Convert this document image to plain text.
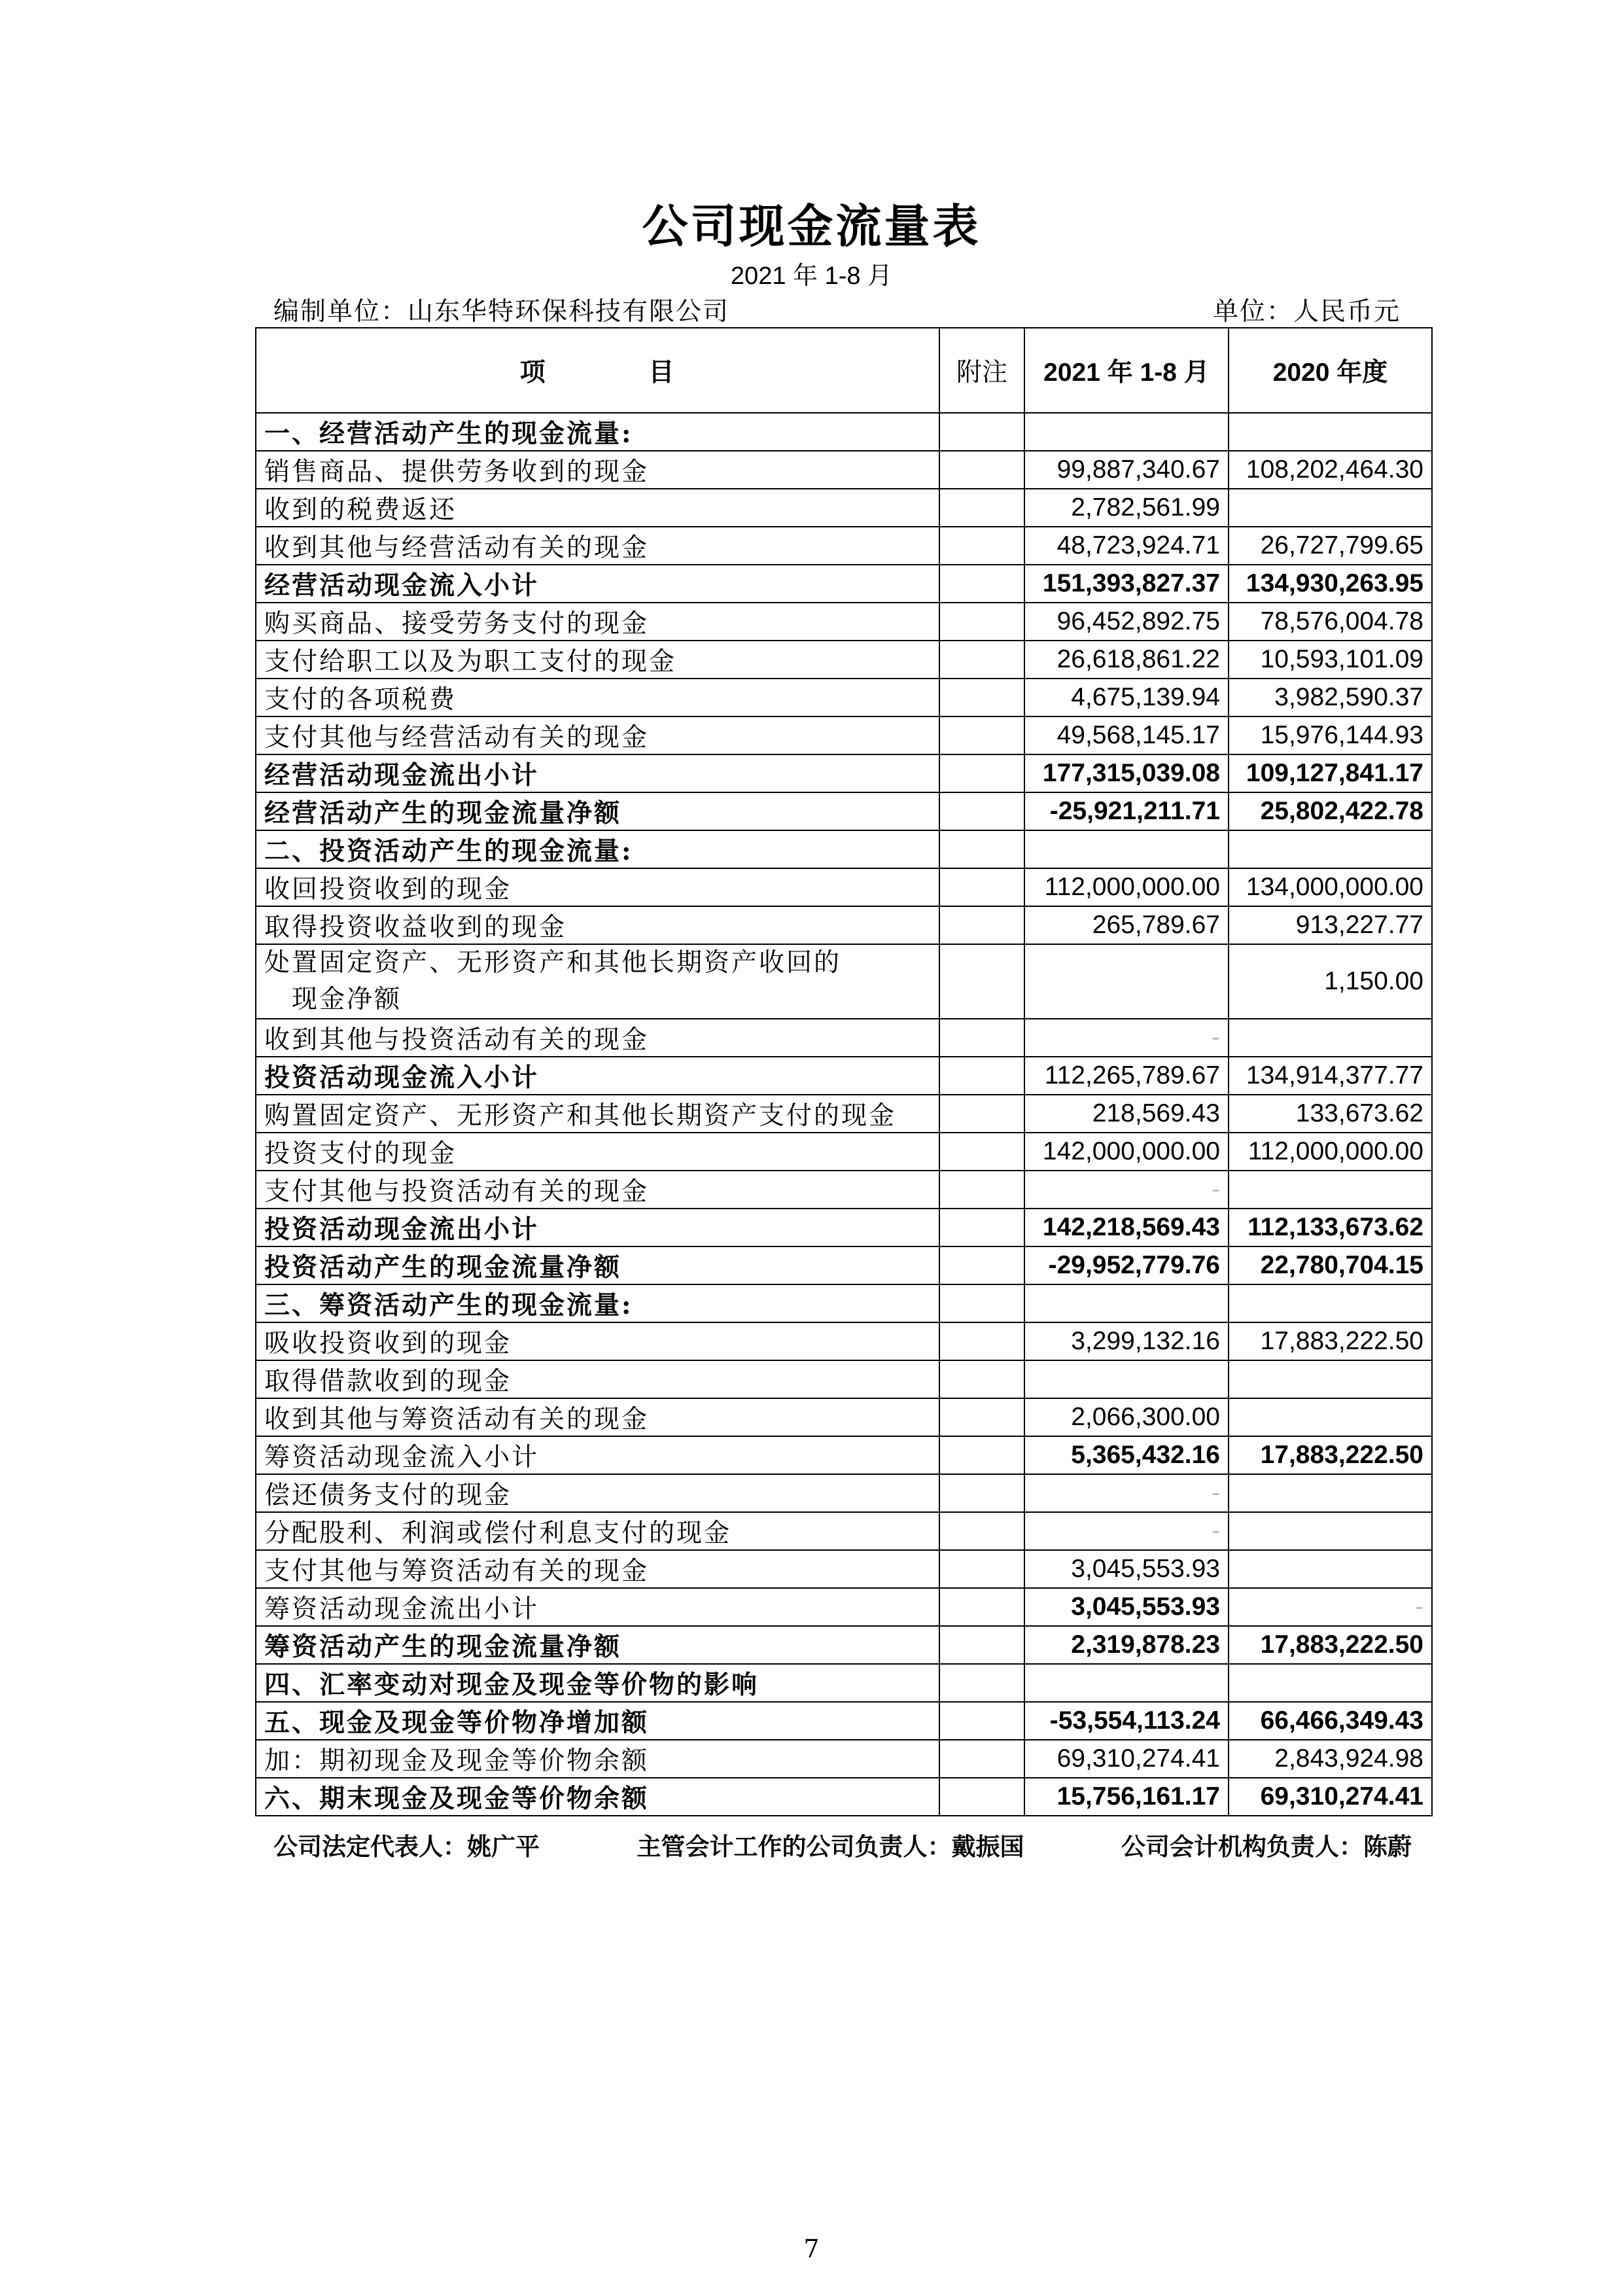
公司现金流量表
2021 年 1-8 月
编制单位：山东华特环保科技有限公司	单位：人民币元
项          目	附注	2021 年 1-8 月	2020 年度
一、经营活动产生的现金流量:			
销售商品、提供劳务收到的现金		99,887,340.67	108,202,464.30
收到的税费返还		2,782,561.99	
收到其他与经营活动有关的现金		48,723,924.71	26,727,799.65
经营活动现金流入小计		151,393,827.37	134,930,263.95
购买商品、接受劳务支付的现金		96,452,892.75	78,576,004.78
支付给职工以及为职工支付的现金		26,618,861.22	10,593,101.09
支付的各项税费		4,675,139.94	3,982,590.37
支付其他与经营活动有关的现金		49,568,145.17	15,976,144.93
经营活动现金流出小计		177,315,039.08	109,127,841.17
经营活动产生的现金流量净额		-25,921,211.71	25,802,422.78
二、投资活动产生的现金流量:			
收回投资收到的现金		112,000,000.00	134,000,000.00
取得投资收益收到的现金		265,789.67	913,227.77
处置固定资产、无形资产和其他长期资产收回的
现金净额			1,150.00
收到其他与投资活动有关的现金		-	
投资活动现金流入小计		112,265,789.67	134,914,377.77
购置固定资产、无形资产和其他长期资产支付的现金		218,569.43	133,673.62
投资支付的现金		142,000,000.00	112,000,000.00
支付其他与投资活动有关的现金		-	
投资活动现金流出小计		142,218,569.43	112,133,673.62
投资活动产生的现金流量净额		-29,952,779.76	22,780,704.15
三、筹资活动产生的现金流量:			
吸收投资收到的现金		3,299,132.16	17,883,222.50
取得借款收到的现金			
收到其他与筹资活动有关的现金		2,066,300.00	
筹资活动现金流入小计		5,365,432.16	17,883,222.50
偿还债务支付的现金		-	
分配股利、利润或偿付利息支付的现金		-	
支付其他与筹资活动有关的现金		3,045,553.93	
筹资活动现金流出小计		3,045,553.93	-
筹资活动产生的现金流量净额		2,319,878.23	17,883,222.50
四、汇率变动对现金及现金等价物的影响			
五、现金及现金等价物净增加额		-53,554,113.24	66,466,349.43
加：期初现金及现金等价物余额		69,310,274.41	2,843,924.98
六、期末现金及现金等价物余额		15,756,161.17	69,310,274.41
公司法定代表人：姚广平	主管会计工作的公司负责人：戴振国	公司会计机构负责人：陈蔚
7
